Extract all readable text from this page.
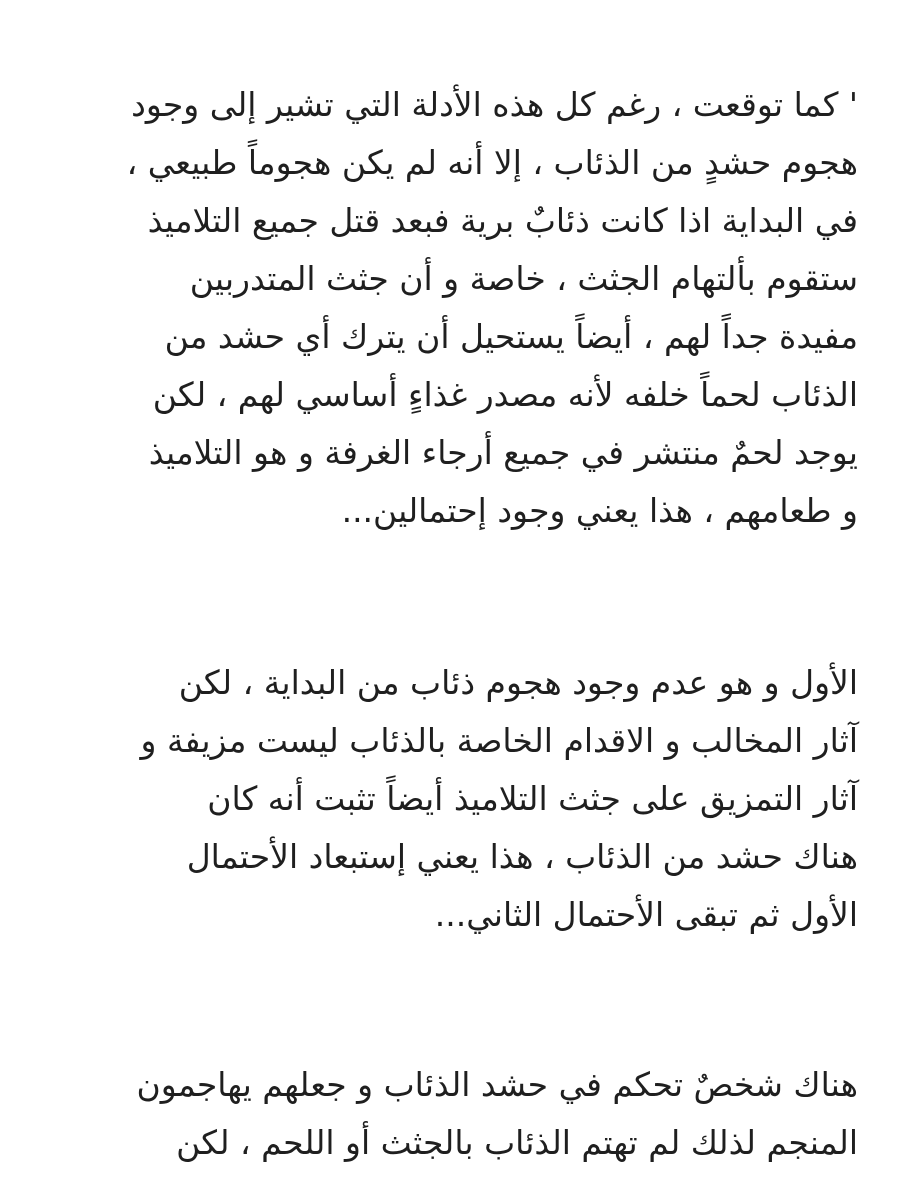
' كما توقعت ، رغم كل هذه الأدلة التي تشير إلى وجود
هجوم حشدٍ من الذئاب ، إلا أنه لم يكن هجوماً طبيعي ،
في البداية اذا كانت ذئابٌ برية فبعد قتل جميع التلاميذ
ستقوم بألتهام الجثث ، خاصة و أن جثث المتدربين
مفيدة جداً لهم ، أيضاً يستحيل أن يترك أي حشد من
الذئاب لحماً خلفه لأنه مصدر غذاءٍ أساسي لهم ، لكن
يوجد لحمٌ منتشر في جميع أرجاء الغرفة و هو التلاميذ
و طعامهم ، هذا يعني وجود إحتمالين...
الأول و هو عدم وجود هجوم ذئاب من البداية ، لكن
آثار المخالب و الاقدام الخاصة بالذئاب ليست مزيفة و
آثار التمزيق على جثث التلاميذ أيضاً تثبت أنه كان
هناك حشد من الذئاب ، هذا يعني إستبعاد الأحتمال
الأول ثم تبقى الأحتمال الثاني...
هناك شخصٌ تحكم في حشد الذئاب و جعلهم يهاجمون
المنجم لذلك لم تهتم الذئاب بالجثث أو اللحم ، لكن
